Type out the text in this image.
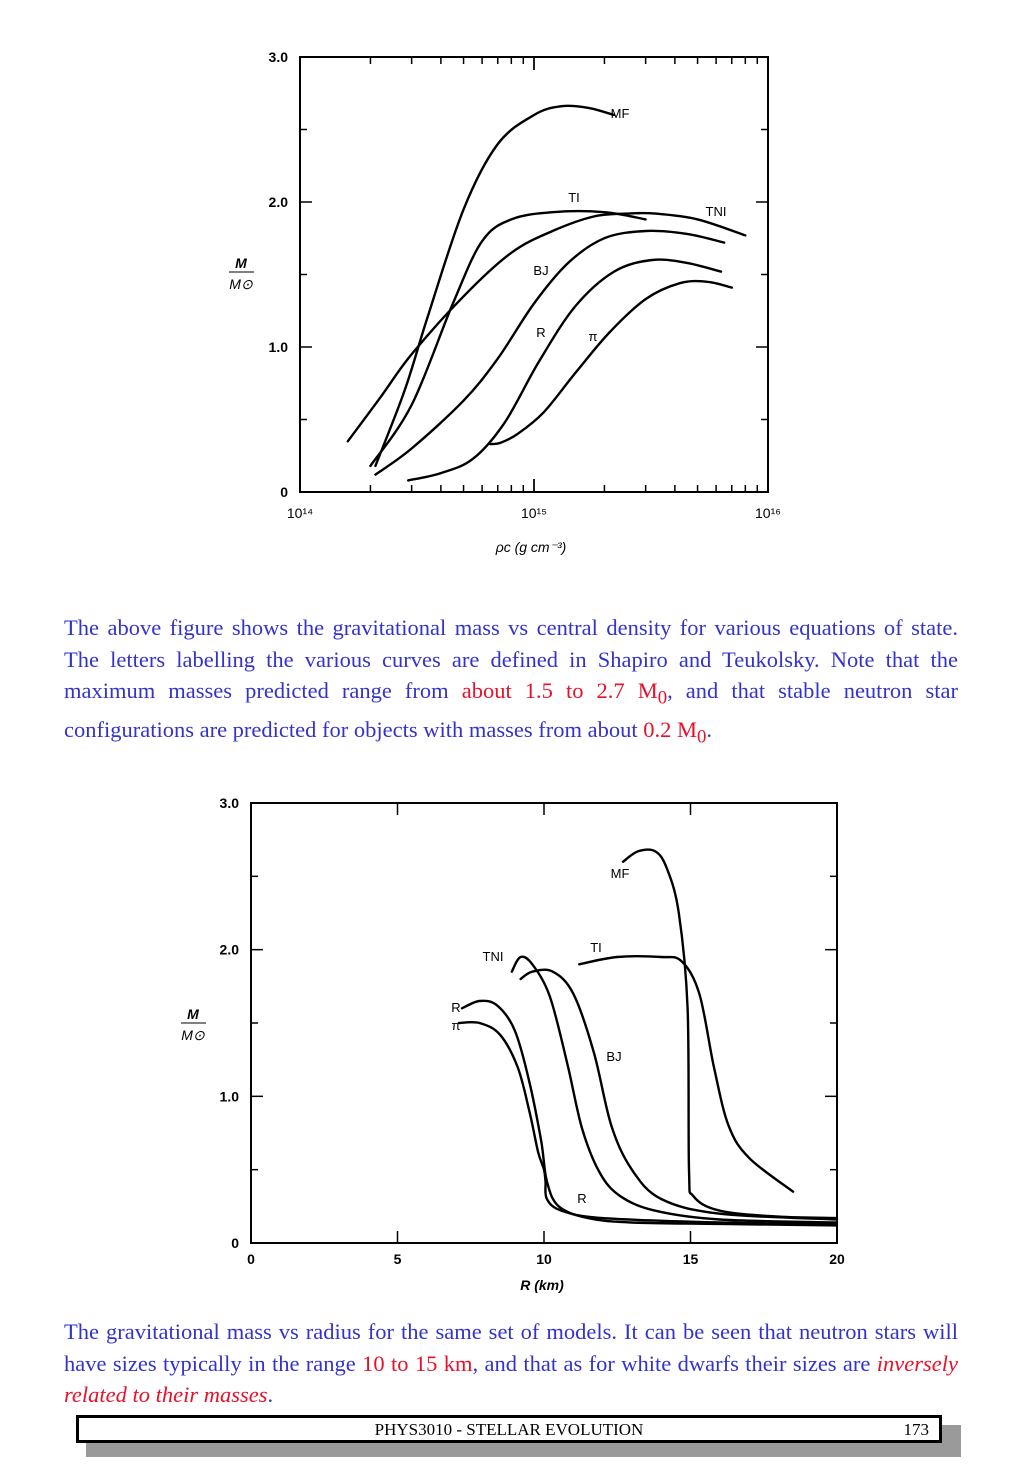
0
1.0
2.0
3.0
10¹⁴	10¹⁵	10¹⁶
ρc (g cm⁻³)
M
M⊙
MF
TI
TNI
BJ
R	π
0
1.0
2.0
3.0
0	5	10	15	20
R (km)
M
M⊙
MF
TI
TNI
BJ
R
π
R
The above figure shows the gravitational mass vs central density for various equations of state. The letters labelling the various curves are defined in Shapiro and Teukolsky. Note that the maximum masses predicted range from about 1.5 to 2.7 $M_0$, and that stable neutron star configurations are predicted for objects with masses from about 0.2 $M_0$.
The gravitational mass vs radius for the same set of models. It can be seen that neutron stars will have sizes typically in the range 10 to 15 km, and that as for white dwarfs their sizes are inversely related to their masses.
PHYS3010 - STELLAR EVOLUTION	173
